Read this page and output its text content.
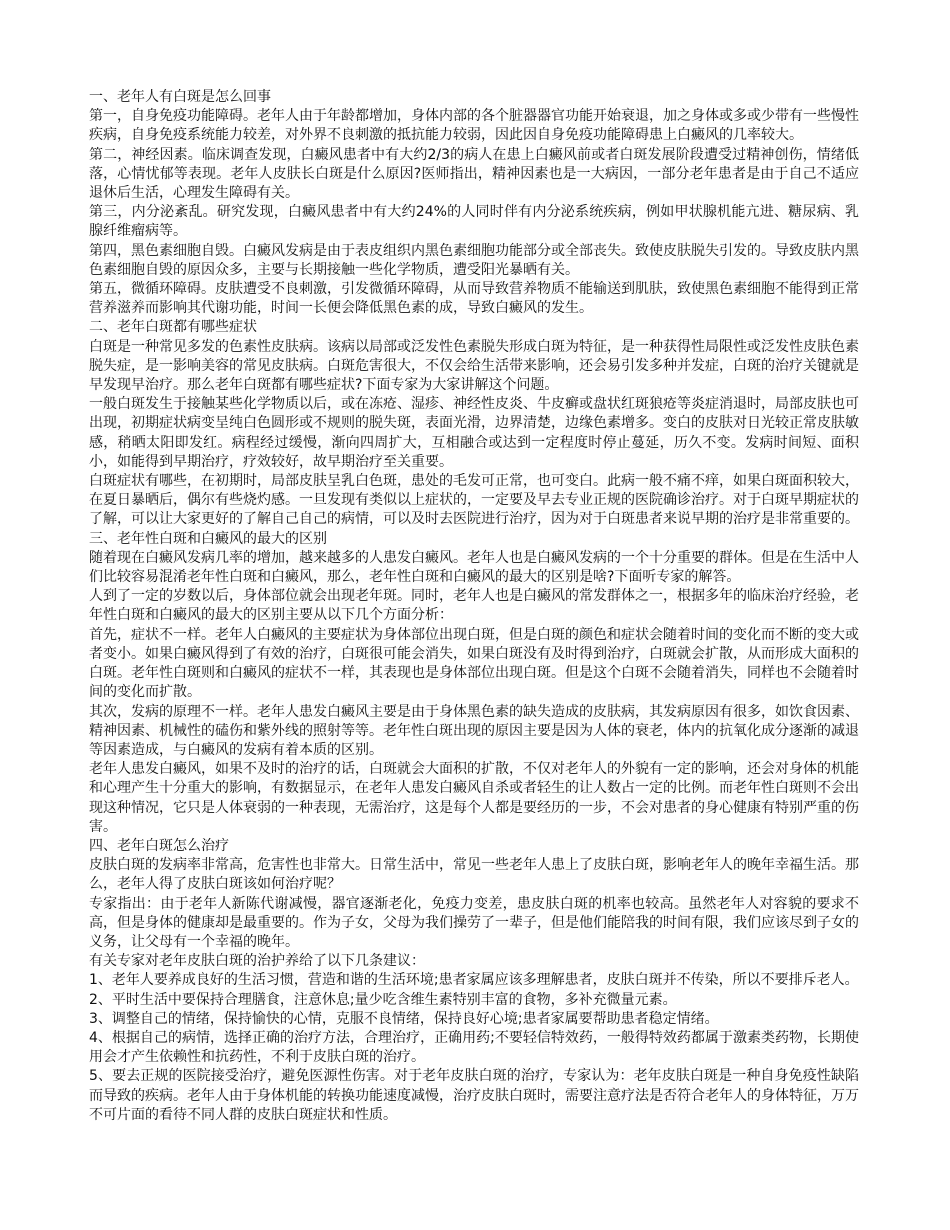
一、老年人有白斑是怎么回事

第一，自身免疫功能障碍。老年人由于年龄都增加，身体内部的各个脏器器官功能开始衰退，加之身体或多或少带有一些慢性疾病，自身免疫系统能力较差，对外界不良刺激的抵抗能力较弱，因此因自身免疫功能障碍患上白癜风的几率较大。

第二，神经因素。临床调查发现，白癜风患者中有大约2/3的病人在患上白癜风前或者白斑发展阶段遭受过精神创伤，情绪低落，心情忧郁等表现。老年人皮肤长白斑是什么原因?医师指出，精神因素也是一大病因，一部分老年患者是由于自己不适应退休后生活，心理发生障碍有关。

第三，内分泌紊乱。研究发现，白癜风患者中有大约24%的人同时伴有内分泌系统疾病，例如甲状腺机能亢进、糖尿病、乳腺纤维瘤病等。

第四，黑色素细胞自毁。白癜风发病是由于表皮组织内黑色素细胞功能部分或全部丧失。致使皮肤脱失引发的。导致皮肤内黑色素细胞自毁的原因众多，主要与长期接触一些化学物质，遭受阳光暴晒有关。

第五，微循环障碍。皮肤遭受不良刺激，引发微循环障碍，从而导致营养物质不能输送到肌肤，致使黑色素细胞不能得到正常营养滋养而影响其代谢功能，时间一长便会降低黑色素的成，导致白癜风的发生。

二、老年白斑都有哪些症状

白斑是一种常见多发的色素性皮肤病。该病以局部或泛发性色素脱失形成白斑为特征，是一种获得性局限性或泛发性皮肤色素脱失症，是一影响美容的常见皮肤病。白斑危害很大，不仅会给生活带来影响，还会易引发多种并发症，白斑的治疗关键就是早发现早治疗。那么老年白斑都有哪些症状?下面专家为大家讲解这个问题。

一般白斑发生于接触某些化学物质以后，或在冻疮、湿疹、神经性皮炎、牛皮癣或盘状红斑狼疮等炎症消退时，局部皮肤也可出现，初期症状病变呈纯白色圆形或不规则的脱失斑，表面光滑，边界清楚，边缘色素增多。变白的皮肤对日光较正常皮肤敏感，稍晒太阳即发红。病程经过缓慢，渐向四周扩大，互相融合或达到一定程度时停止蔓延，历久不变。发病时间短、面积小，如能得到早期治疗，疗效较好，故早期治疗至关重要。

白斑症状有哪些，在初期时，局部皮肤呈乳白色斑，患处的毛发可正常，也可变白。此病一般不痛不痒，如果白斑面积较大，在夏日暴晒后，偶尔有些烧灼感。一旦发现有类似以上症状的，一定要及早去专业正规的医院确诊治疗。对于白斑早期症状的了解，可以让大家更好的了解自己自己的病情，可以及时去医院进行治疗，因为对于白斑患者来说早期的治疗是非常重要的。

三、老年性白斑和白癜风的最大的区别

随着现在白癜风发病几率的增加，越来越多的人患发白癜风。老年人也是白癜风发病的一个十分重要的群体。但是在生活中人们比较容易混淆老年性白斑和白癜风，那么，老年性白斑和白癜风的最大的区别是啥?下面听专家的解答。

人到了一定的岁数以后，身体部位就会出现老年斑。同时，老年人也是白癜风的常发群体之一，根据多年的临床治疗经验，老年性白斑和白癜风的最大的区别主要从以下几个方面分析：

首先，症状不一样。老年人白癜风的主要症状为身体部位出现白斑，但是白斑的颜色和症状会随着时间的变化而不断的变大或者变小。如果白癜风得到了有效的治疗，白斑很可能会消失，如果白斑没有及时得到治疗，白斑就会扩散，从而形成大面积的白斑。老年性白斑则和白癜风的症状不一样，其表现也是身体部位出现白斑。但是这个白斑不会随着消失，同样也不会随着时间的变化而扩散。

其次，发病的原理不一样。老年人患发白癜风主要是由于身体黑色素的缺失造成的皮肤病，其发病原因有很多，如饮食因素、精神因素、机械性的磕伤和紫外线的照射等等。老年性白斑出现的原因主要是因为人体的衰老，体内的抗氧化成分逐渐的减退等因素造成，与白癜风的发病有着本质的区别。

老年人患发白癜风，如果不及时的治疗的话，白斑就会大面积的扩散，不仅对老年人的外貌有一定的影响，还会对身体的机能和心理产生十分重大的影响，有数据显示，在老年人患发白癜风自杀或者轻生的让人数占一定的比例。而老年性白斑则不会出现这种情况，它只是人体衰弱的一种表现，无需治疗，这是每个人都是要经历的一步，不会对患者的身心健康有特别严重的伤害。

四、老年白斑怎么治疗

皮肤白斑的发病率非常高，危害性也非常大。日常生活中，常见一些老年人患上了皮肤白斑，影响老年人的晚年幸福生活。那么，老年人得了皮肤白斑该如何治疗呢？

专家指出：由于老年人新陈代谢减慢，器官逐渐老化，免疫力变差，患皮肤白斑的机率也较高。虽然老年人对容貌的要求不高，但是身体的健康却是最重要的。作为子女，父母为我们操劳了一辈子，但是他们能陪我的时间有限，我们应该尽到子女的义务，让父母有一个幸福的晚年。

有关专家对老年皮肤白斑的治护养给了以下几条建议：

1、老年人要养成良好的生活习惯，营造和谐的生活环境;患者家属应该多理解患者，皮肤白斑并不传染，所以不要排斥老人。

2、平时生活中要保持合理膳食，注意休息;量少吃含维生素特别丰富的食物，多补充微量元素。

3、调整自己的情绪，保持愉快的心情，克服不良情绪，保持良好心境;患者家属要帮助患者稳定情绪。

4、根据自己的病情，选择正确的治疗方法，合理治疗，正确用药;不要轻信特效药，一般得特效药都属于激素类药物，长期使用会才产生依赖性和抗药性，不利于皮肤白斑的治疗。

5、要去正规的医院接受治疗，避免医源性伤害。对于老年皮肤白斑的治疗，专家认为：老年皮肤白斑是一种自身免疫性缺陷而导致的疾病。老年人由于身体机能的转换功能速度减慢，治疗皮肤白斑时，需要注意疗法是否符合老年人的身体特征，万万不可片面的看待不同人群的皮肤白斑症状和性质。
